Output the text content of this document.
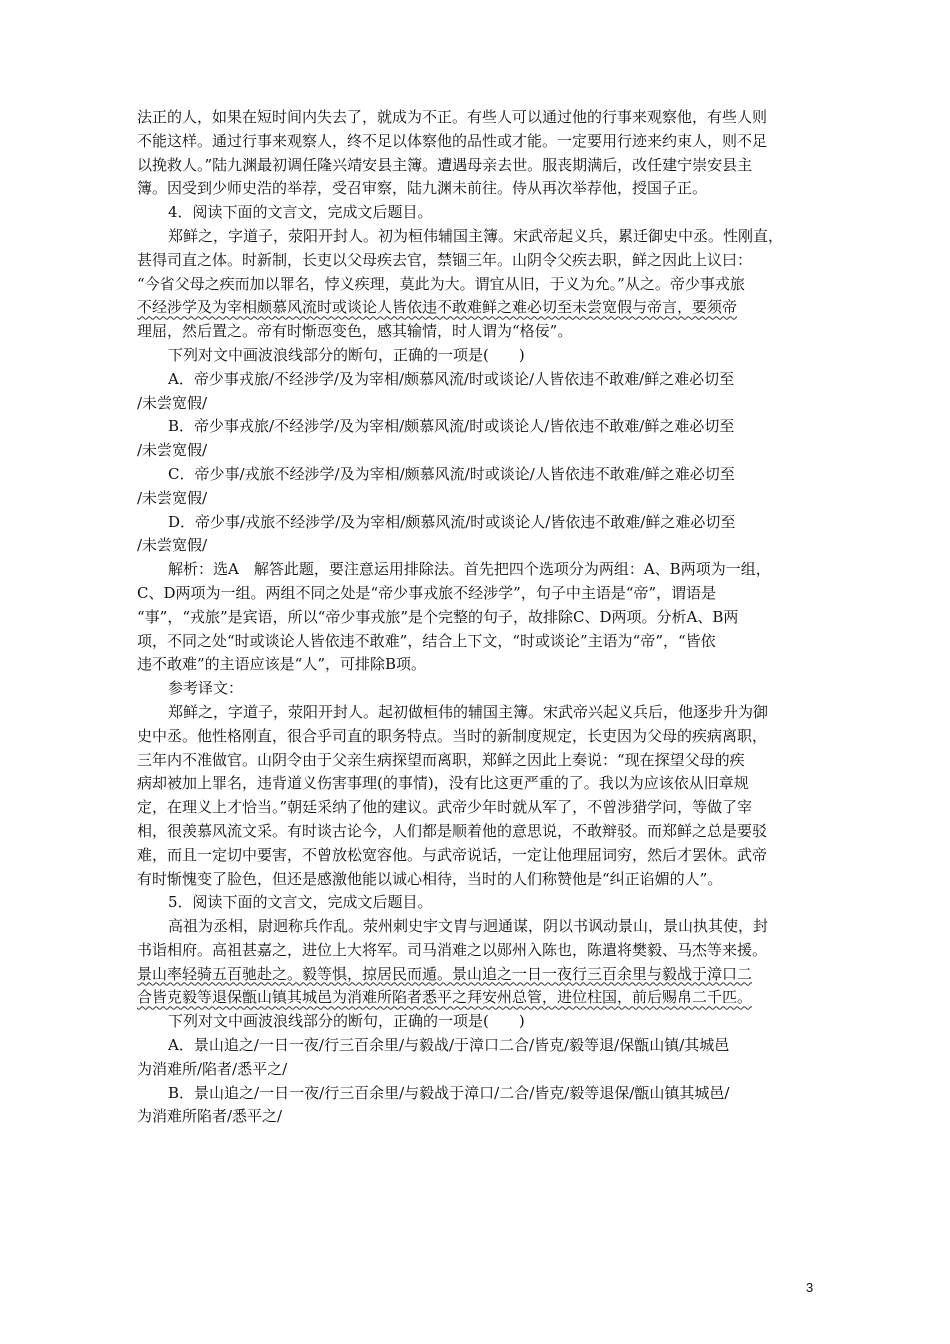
法正的人，如果在短时间内失去了，就成为不正。有些人可以通过他的行事来观察他，有些人则
不能这样。通过行事来观察人，终不足以体察他的品性或才能。一定要用行迹来约束人，则不足
以挽救人。”陆九渊最初调任隆兴靖安县主簿。遭遇母亲去世。服丧期满后，改任建宁崇安县主
簿。因受到少师史浩的举荐，受召审察，陆九渊未前往。侍从再次举荐他，授国子正。
4．阅读下面的文言文，完成文后题目。
郑鲜之，字道子，荥阳开封人。初为桓伟辅国主簿。宋武帝起义兵，累迁御史中丞。性刚直，
甚得司直之体。时新制，长吏以父母疾去官，禁锢三年。山阴令父疾去职，鲜之因此上议曰：
“今省父母之疾而加以罪名，悖义疾理，莫此为大。谓宜从旧，于义为允。”从之。帝少事戎旅
不经涉学及为宰相颇慕风流时或谈论人皆依违不敢难鲜之难必切至未尝宽假与帝言，要须帝
理屈，然后置之。帝有时惭恧变色，感其输情，时人谓为“格佞”。
下列对文中画波浪线部分的断句，正确的一项是(　　)
A．帝少事戎旅/不经涉学/及为宰相/颇慕风流/时或谈论/人皆依违不敢难/鲜之难必切至
/未尝宽假/
B．帝少事戎旅/不经涉学/及为宰相/颇慕风流/时或谈论人/皆依违不敢难/鲜之难必切至
/未尝宽假/
C．帝少事/戎旅不经涉学/及为宰相/颇慕风流/时或谈论/人皆依违不敢难/鲜之难必切至
/未尝宽假/
D．帝少事/戎旅不经涉学/及为宰相/颇慕风流/时或谈论人/皆依违不敢难/鲜之难必切至
/未尝宽假/
解析：选A　解答此题，要注意运用排除法。首先把四个选项分为两组：A、B两项为一组，
C、D两项为一组。两组不同之处是“帝少事戎旅不经涉学”，句子中主语是“帝”，谓语是
“事”，“戎旅”是宾语，所以“帝少事戎旅”是个完整的句子，故排除C、D两项。分析A、B两
项，不同之处“时或谈论人皆依违不敢难”，结合上下文，“时或谈论”主语为“帝”，“皆依
违不敢难”的主语应该是“人”，可排除B项。
参考译文：
郑鲜之，字道子，荥阳开封人。起初做桓伟的辅国主簿。宋武帝兴起义兵后，他逐步升为御
史中丞。他性格刚直，很合乎司直的职务特点。当时的新制度规定，长吏因为父母的疾病离职，
三年内不准做官。山阴令由于父亲生病探望而离职，郑鲜之因此上奏说：“现在探望父母的疾
病却被加上罪名，违背道义伤害事理(的事情)，没有比这更严重的了。我以为应该依从旧章规
定，在理义上才恰当。”朝廷采纳了他的建议。武帝少年时就从军了，不曾涉猎学问，等做了宰
相，很羡慕风流文采。有时谈古论今，人们都是顺着他的意思说，不敢辩驳。而郑鲜之总是要驳
难，而且一定切中要害，不曾放松宽容他。与武帝说话，一定让他理屈词穷，然后才罢休。武帝
有时惭愧变了脸色，但还是感激他能以诚心相待，当时的人们称赞他是“纠正谄媚的人”。
5．阅读下面的文言文，完成文后题目。
高祖为丞相，尉迥称兵作乱。荥州刺史宇文胄与迥通谋，阴以书讽动景山，景山执其使，封
书诣相府。高祖甚嘉之，进位上大将军。司马消难之以郧州入陈也，陈遣将樊毅、马杰等来援。
景山率轻骑五百驰赴之。毅等惧，掠居民而遁。景山追之一日一夜行三百余里与毅战于漳口二
合皆克毅等退保甑山镇其城邑为消难所陷者悉平之拜安州总管，进位柱国，前后赐帛二千匹。
下列对文中画波浪线部分的断句，正确的一项是(　　)
A．景山追之/一日一夜/行三百余里/与毅战/于漳口二合/皆克/毅等退/保甑山镇/其城邑
为消难所/陷者/悉平之/
B．景山追之/一日一夜/行三百余里/与毅战于漳口/二合/皆克/毅等退保/甑山镇其城邑/
为消难所陷者/悉平之/
3
